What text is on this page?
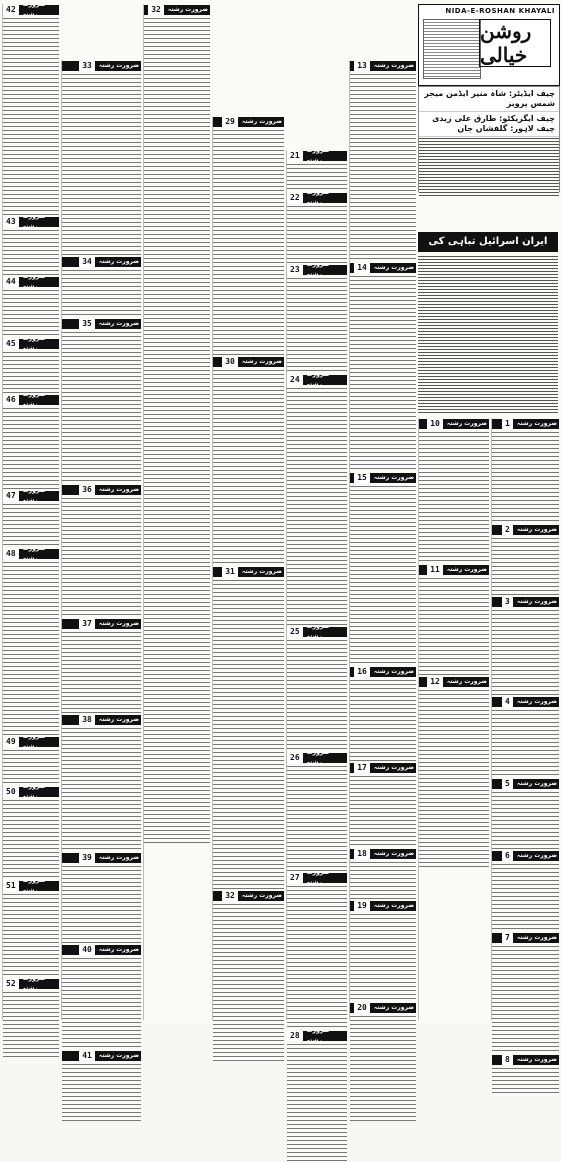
NIDA-E-ROSHAN KHAYALI
روشن خیالی
چیف ایڈیٹر: شاہ منیر ایڈمن میجر شمس پرویز
چیف ایگزیکٹو: طارق علی زیدی چیف لاہور: گلفشاں جان
ایران اسرائیل تباہی کی
42
ضرورت رشتہ
43
ضرورت رشتہ
44
ضرورت رشتہ
45
ضرورت رشتہ
46
ضرورت رشتہ
47
ضرورت رشتہ
48
ضرورت رشتہ
49
ضرورت رشتہ
50
ضرورت رشتہ
51
ضرورت رشتہ
52
ضرورت رشتہ
33	ضرورت رشتہ
34	ضرورت رشتہ
35	ضرورت رشتہ
36	ضرورت رشتہ
37	ضرورت رشتہ
38	ضرورت رشتہ
39	ضرورت رشتہ
40	ضرورت رشتہ
41	ضرورت رشتہ
32	ضرورت رشتہ
29	ضرورت رشتہ
30	ضرورت رشتہ
31	ضرورت رشتہ
32	ضرورت رشتہ
21
ضرورت رشتہ
22
ضرورت رشتہ
23
ضرورت رشتہ
24
ضرورت رشتہ
25
ضرورت رشتہ
26
ضرورت رشتہ
27
ضرورت رشتہ
28
ضرورت رشتہ
13	ضرورت رشتہ
14	ضرورت رشتہ
15	ضرورت رشتہ
16	ضرورت رشتہ
17	ضرورت رشتہ
18	ضرورت رشتہ
19	ضرورت رشتہ
20	ضرورت رشتہ
10	ضرورت رشتہ
11	ضرورت رشتہ
12	ضرورت رشتہ
1	ضرورت رشتہ
2	ضرورت رشتہ
3	ضرورت رشتہ
4	ضرورت رشتہ
5	ضرورت رشتہ
6	ضرورت رشتہ
7	ضرورت رشتہ
8	ضرورت رشتہ
